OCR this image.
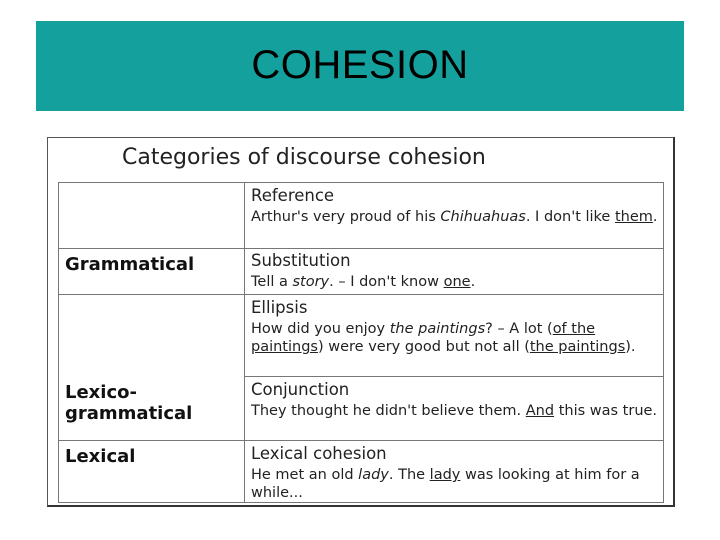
COHESION
Categories of discourse cohesion
Grammatical
Lexico-
grammatical
Lexical
Reference
Arthur's very proud of his Chihuahuas. I don't like them.
Substitution
Tell a story. – I don't know one.
Ellipsis
How did you enjoy the paintings? – A lot (of the paintings) were very good but not all (the paintings).
Conjunction
They thought he didn't believe them. And this was true.
Lexical cohesion
He met an old lady. The lady was looking at him for a while...
